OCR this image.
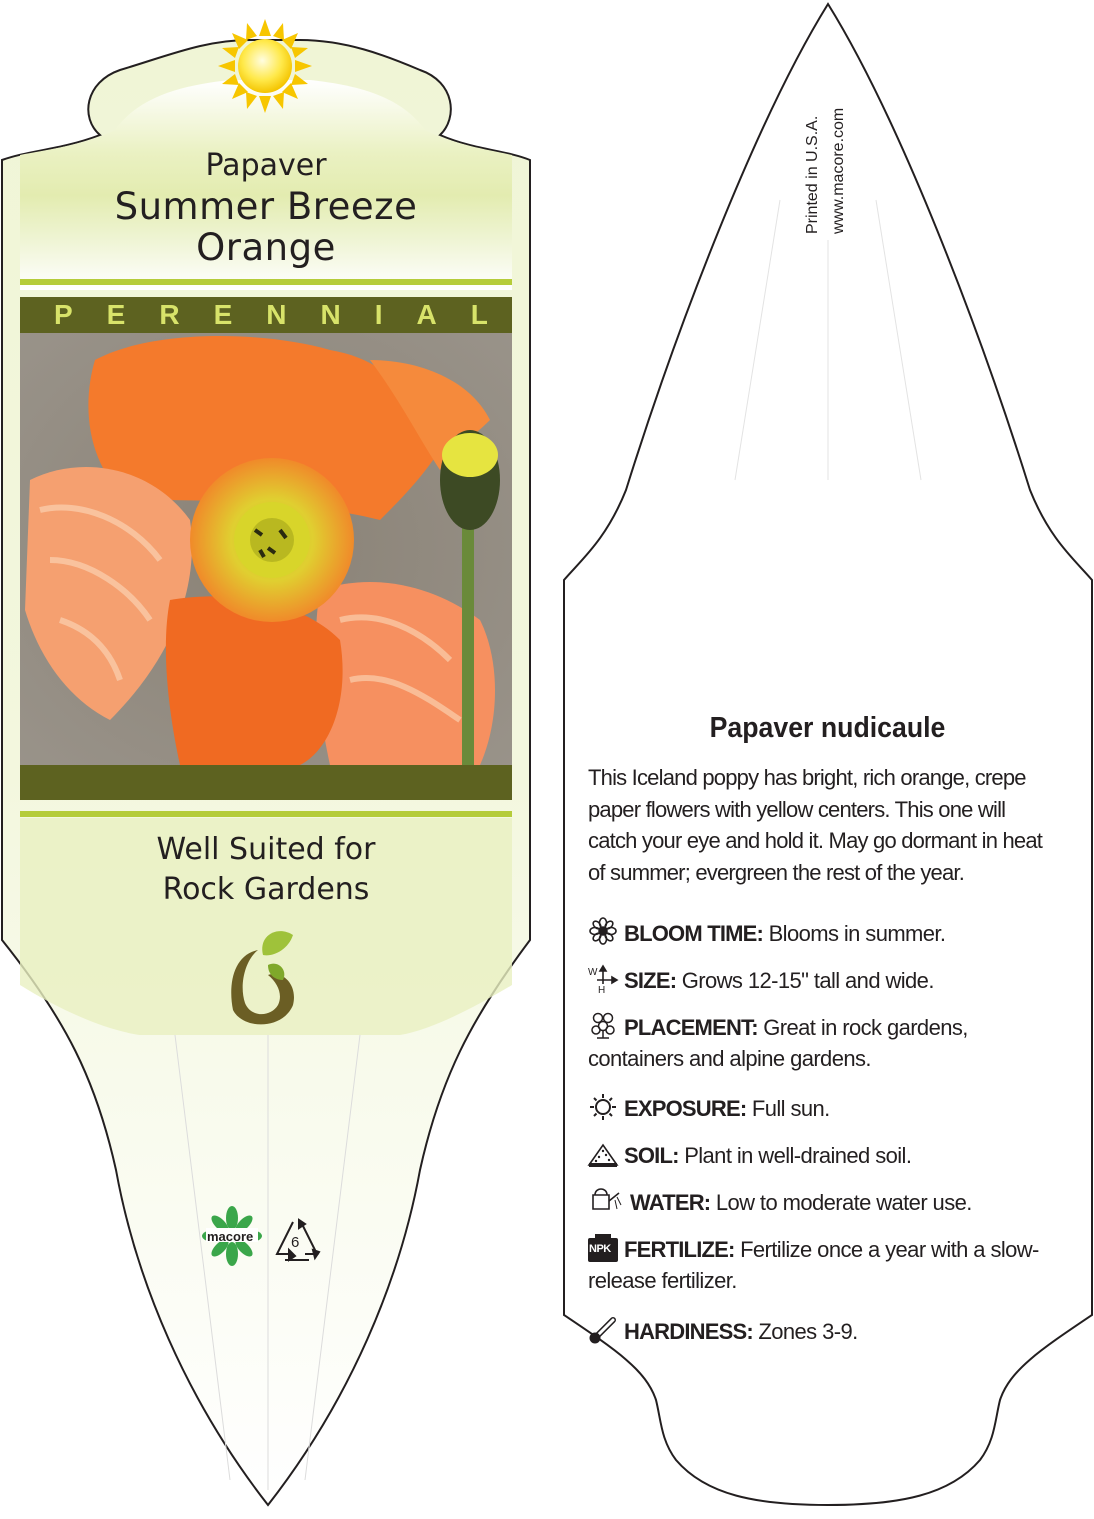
Papaver
Summer Breeze
Orange
PERENNIAL
Well Suited for
Rock Gardens
macore	6
Printed in U.S.A. www.macore.com
Papaver nudicaule
This Iceland poppy has bright, rich orange, crepe paper flowers with yellow centers. This one will catch your eye and hold it. May go dormant in heat of summer; evergreen the rest of the year.
BLOOM TIME: Blooms in summer.
W
H SIZE: Grows 12-15" tall and wide.
PLACEMENT: Great in rock gardens, containers and alpine gardens.
EXPOSURE: Full sun.
SOIL: Plant in well-drained soil.
WATER: Low to moderate water use.
NPK FERTILIZE: Fertilize once a year with a slow-release fertilizer.
HARDINESS: Zones 3-9.
